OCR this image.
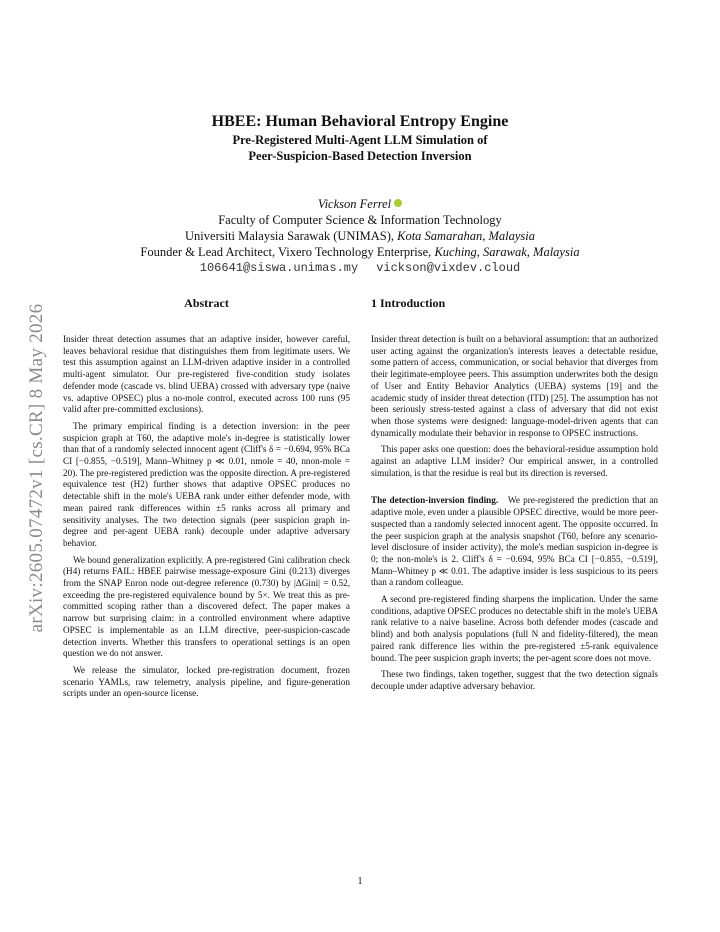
arXiv:2605.07472v1 [cs.CR] 8 May 2026
HBEE: Human Behavioral Entropy Engine
Pre-Registered Multi-Agent LLM Simulation of
Peer-Suspicion-Based Detection Inversion
Vickson Ferrel
Faculty of Computer Science & Information Technology
Universiti Malaysia Sarawak (UNIMAS), Kota Samarahan, Malaysia
Founder & Lead Architect, Vixero Technology Enterprise, Kuching, Sarawak, Malaysia
106641@siswa.unimas.my vickson@vixdev.cloud
Abstract

Insider threat detection assumes that an adaptive insider, however careful, leaves behavioral residue that distinguishes them from legitimate users. We test this assumption against an LLM-driven adaptive insider in a controlled multi-agent simulator. Our pre-registered five-condition study isolates defender mode (cascade vs. blind UEBA) crossed with adversary type (naive vs. adaptive OPSEC) plus a no-mole control, executed across 100 runs (95 valid after pre-committed exclusions).

The primary empirical finding is a detection inversion: in the peer suspicion graph at T60, the adaptive mole's in-degree is statistically lower than that of a randomly selected innocent agent (Cliff's δ = −0.694, 95% BCa CI [−0.855, −0.519], Mann–Whitney p ≪ 0.01, nmole = 40, nnon-mole = 20). The pre-registered prediction was the opposite direction. A pre-registered equivalence test (H2) further shows that adaptive OPSEC produces no detectable shift in the mole's UEBA rank under either defender mode, with mean paired rank differences within ±5 ranks across all primary and sensitivity analyses. The two detection signals (peer suspicion graph in-degree and per-agent UEBA rank) decouple under adaptive adversary behavior.

We bound generalization explicitly. A pre-registered Gini calibration check (H4) returns FAIL: HBEE pairwise message-exposure Gini (0.213) diverges from the SNAP Enron node out-degree reference (0.730) by |ΔGini| = 0.52, exceeding the pre-registered equivalence bound by 5×. We treat this as pre-committed scoping rather than a discovered defect. The paper makes a narrow but surprising claim: in a controlled environment where adaptive OPSEC is implementable as an LLM directive, peer-suspicion-cascade detection inverts. Whether this transfers to operational settings is an open question we do not answer.

We release the simulator, locked pre-registration document, frozen scenario YAMLs, raw telemetry, analysis pipeline, and figure-generation scripts under an open-source license.

1 Introduction

Insider threat detection is built on a behavioral assumption: that an authorized user acting against the organization's interests leaves a detectable residue, some pattern of access, communication, or social behavior that diverges from their legitimate-employee peers. This assumption underwrites both the design of User and Entity Behavior Analytics (UEBA) systems [19] and the academic study of insider threat detection (ITD) [25]. The assumption has not been seriously stress-tested against a class of adversary that did not exist when those systems were designed: language-model-driven agents that can dynamically modulate their behavior in response to OPSEC instructions.

This paper asks one question: does the behavioral-residue assumption hold against an adaptive LLM insider? Our empirical answer, in a controlled simulation, is that the residue is real but its direction is reversed.

The detection-inversion finding. We pre-registered the prediction that an adaptive mole, even under a plausible OPSEC directive, would be more peer-suspected than a randomly selected innocent agent. The opposite occurred. In the peer suspicion graph at the analysis snapshot (T60, before any scenario-level disclosure of insider activity), the mole's median suspicion in-degree is 0; the non-mole's is 2. Cliff's δ = −0.694, 95% BCa CI [−0.855, −0.519], Mann–Whitney p ≪ 0.01. The adaptive insider is less suspicious to its peers than a random colleague.

A second pre-registered finding sharpens the implication. Under the same conditions, adaptive OPSEC produces no detectable shift in the mole's UEBA rank relative to a naive baseline. Across both defender modes (cascade and blind) and both analysis populations (full N and fidelity-filtered), the mean paired rank difference lies within the pre-registered ±5-rank equivalence bound. The peer suspicion graph inverts; the per-agent score does not move.

These two findings, taken together, suggest that the two detection signals decouple under adaptive adversary behavior.

1
